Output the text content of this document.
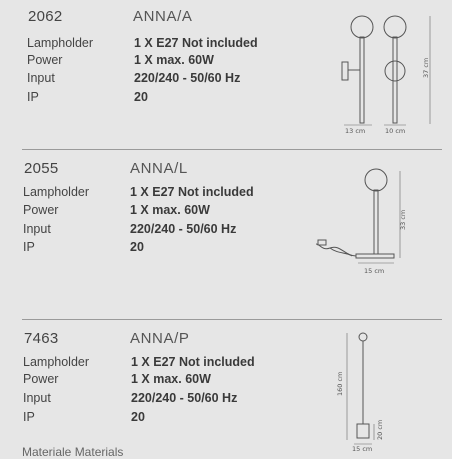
2062	ANNA/A
Lampholder	1 X E27 Not included
Power	1 X max. 60W
Input	220/240 - 50/60 Hz
IP	20
2055	ANNA/L
Lampholder	1 X E27 Not included
Power	1 X max. 60W
Input	220/240 - 50/60 Hz
IP	20
7463	ANNA/P
Lampholder	1 X E27 Not included
Power	1 X max. 60W
Input	220/240 - 50/60 Hz
IP	20
Materiale Materials
13 cm	10 cm
37 cm
15 cm
33 cm
160 cm
20 cm
15 cm
